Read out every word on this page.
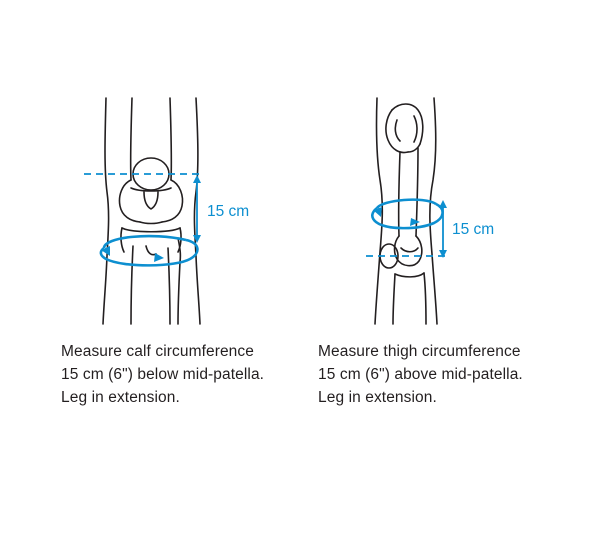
15 cm
Measure calf circumference
15 cm (6") below mid-patella.
Leg in extension.
15 cm
Measure thigh circumference
15 cm (6") above mid-patella.
Leg in extension.
